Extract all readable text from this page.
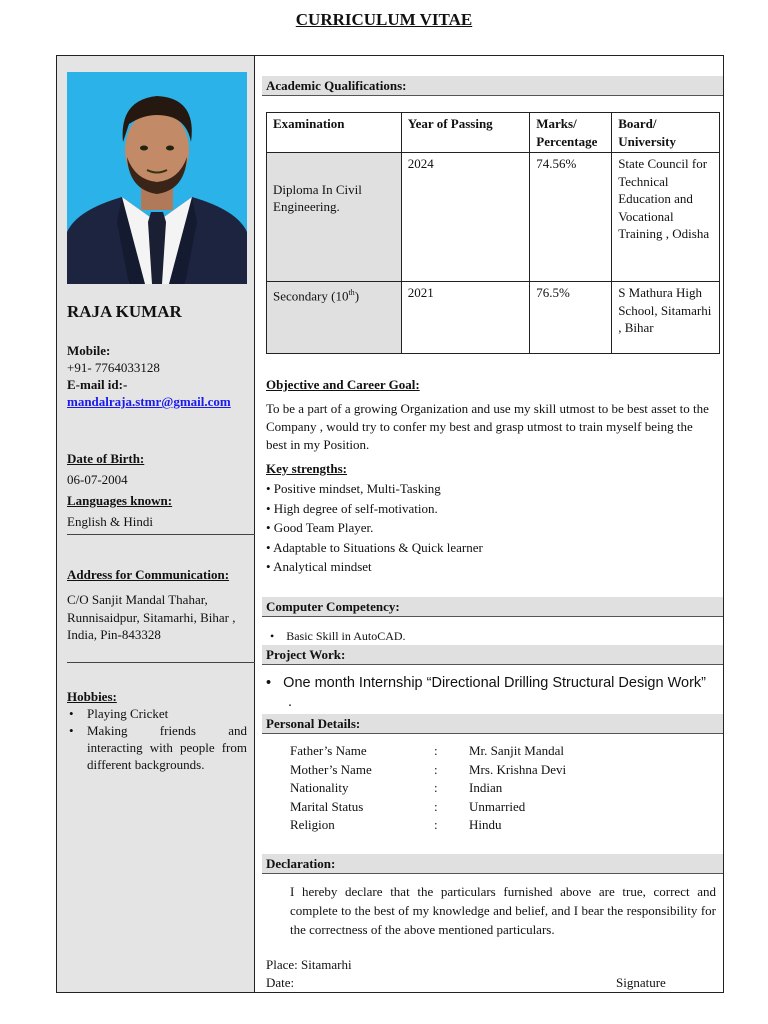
CURRICULUM VITAE
RAJA KUMAR
Mobile:
+91- 7764033128
E-mail id:-
mandalraja.stmr@gmail.com
Date of Birth:
06-07-2004
Languages known:
English & Hindi
Address for Communication:
C/O Sanjit Mandal Thahar, Runnisaidpur, Sitamarhi, Bihar , India, Pin-843328
Hobbies:
• Playing Cricket
• Making friends and interacting with people from different backgrounds.
Academic Qualifications:
Examination	Year of Passing	Marks/ Percentage	Board/ University
Diploma In Civil Engineering.	2024	74.56%	State Council for Technical Education and Vocational Training , Odisha
Secondary (10th)	2021	76.5%	S Mathura High School, Sitamarhi , Bihar
Objective and Career Goal:
To be a part of a growing Organization and use my skill utmost to be best asset to the Company , would try to confer my best and grasp utmost to train myself being the best in my Position.
Key strengths:
• Positive mindset, Multi-Tasking
• High degree of self-motivation.
• Good Team Player.
• Adaptable to Situations & Quick learner
• Analytical mindset
Computer Competency:
• Basic Skill in AutoCAD.
Project Work:
• One month Internship “Directional Drilling Structural Design Work” .
Personal Details:
Father’s Name	:	Mr. Sanjit Mandal
Mother’s Name	:	Mrs. Krishna Devi
Nationality	:	Indian
Marital Status	:	Unmarried
Religion	:	Hindu
Declaration:
I hereby declare that the particulars furnished above are true, correct and complete to the best of my knowledge and belief, and I bear the responsibility for the correctness of the above mentioned particulars.
Place: Sitamarhi
Date:	Signature
